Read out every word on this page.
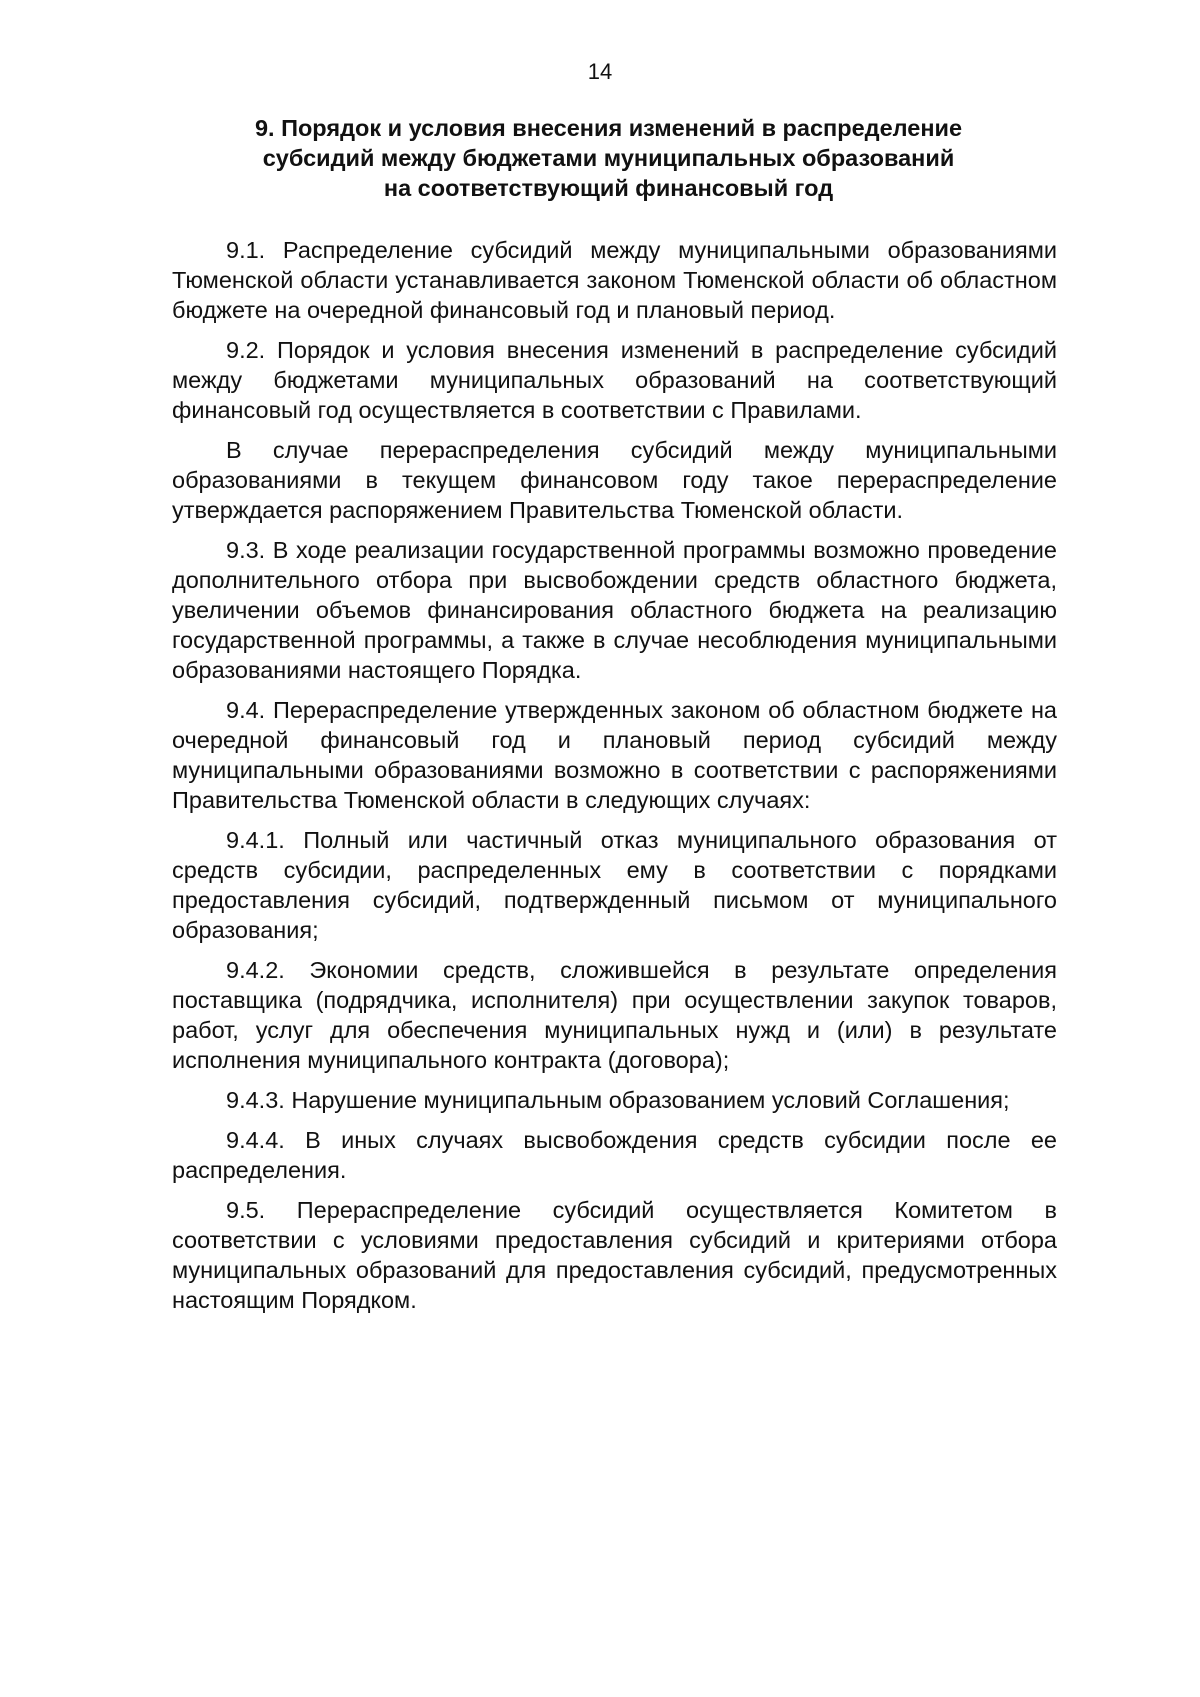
14
9. Порядок и условия внесения изменений в распределение
субсидий между бюджетами муниципальных образований
на соответствующий финансовый год

9.1. Распределение субсидий между муниципальными образованиями Тюменской области устанавливается законом Тюменской области об областном бюджете на очередной финансовый год и плановый период.

9.2. Порядок и условия внесения изменений в распределение субсидий между бюджетами муниципальных образований на соответствующий финансовый год осуществляется в соответствии с Правилами.

В случае перераспределения субсидий между муниципальными образованиями в текущем финансовом году такое перераспределение утверждается распоряжением Правительства Тюменской области.

9.3. В ходе реализации государственной программы возможно проведение дополнительного отбора при высвобождении средств областного бюджета, увеличении объемов финансирования областного бюджета на реализацию государственной программы, а также в случае несоблюдения муниципальными образованиями настоящего Порядка.

9.4. Перераспределение утвержденных законом об областном бюджете на очередной финансовый год и плановый период субсидий между муниципальными образованиями возможно в соответствии с распоряжениями Правительства Тюменской области в следующих случаях:

9.4.1. Полный или частичный отказ муниципального образования от средств субсидии, распределенных ему в соответствии с порядками предоставления субсидий, подтвержденный письмом от муниципального образования;

9.4.2. Экономии средств, сложившейся в результате определения поставщика (подрядчика, исполнителя) при осуществлении закупок товаров, работ, услуг для обеспечения муниципальных нужд и (или) в результате исполнения муниципального контракта (договора);

9.4.3. Нарушение муниципальным образованием условий Соглашения;

9.4.4. В иных случаях высвобождения средств субсидии после ее распределения.

9.5. Перераспределение субсидий осуществляется Комитетом в соответствии с условиями предоставления субсидий и критериями отбора муниципальных образований для предоставления субсидий, предусмотренных настоящим Порядком.
